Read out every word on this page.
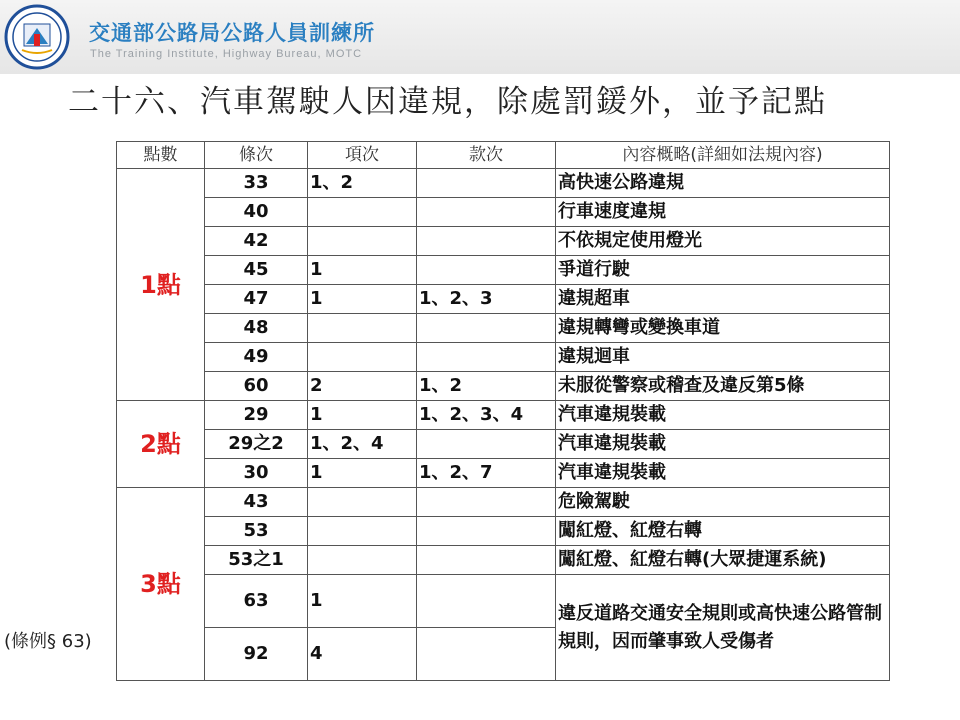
交通部公路局公路人員訓練所
The Training Institute, Highway Bureau, MOTC
二十六、汽車駕駛人因違規，除處罰鍰外，並予記點
點數	條次	項次	款次	內容概略(詳細如法規內容)
1點	33	1、2		高快速公路違規
	40			行車速度違規
	42			不依規定使用燈光
	45	1		爭道行駛
	47	1	1、2、3	違規超車
	48			違規轉彎或變換車道
	49			違規迴車
	60	2	1、2	未服從警察或稽查及違反第5條
2點	29	1	1、2、3、4	汽車違規裝載
	29之2	1、2、4		汽車違規裝載
	30	1	1、2、7	汽車違規裝載
3點	43			危險駕駛
	53			闖紅燈、紅燈右轉
	53之1			闖紅燈、紅燈右轉(大眾捷運系統)
	63	1		違反道路交通安全規則或高快速公路管制規則，因而肇事致人受傷者
	92	4		
(條例§ 63)
